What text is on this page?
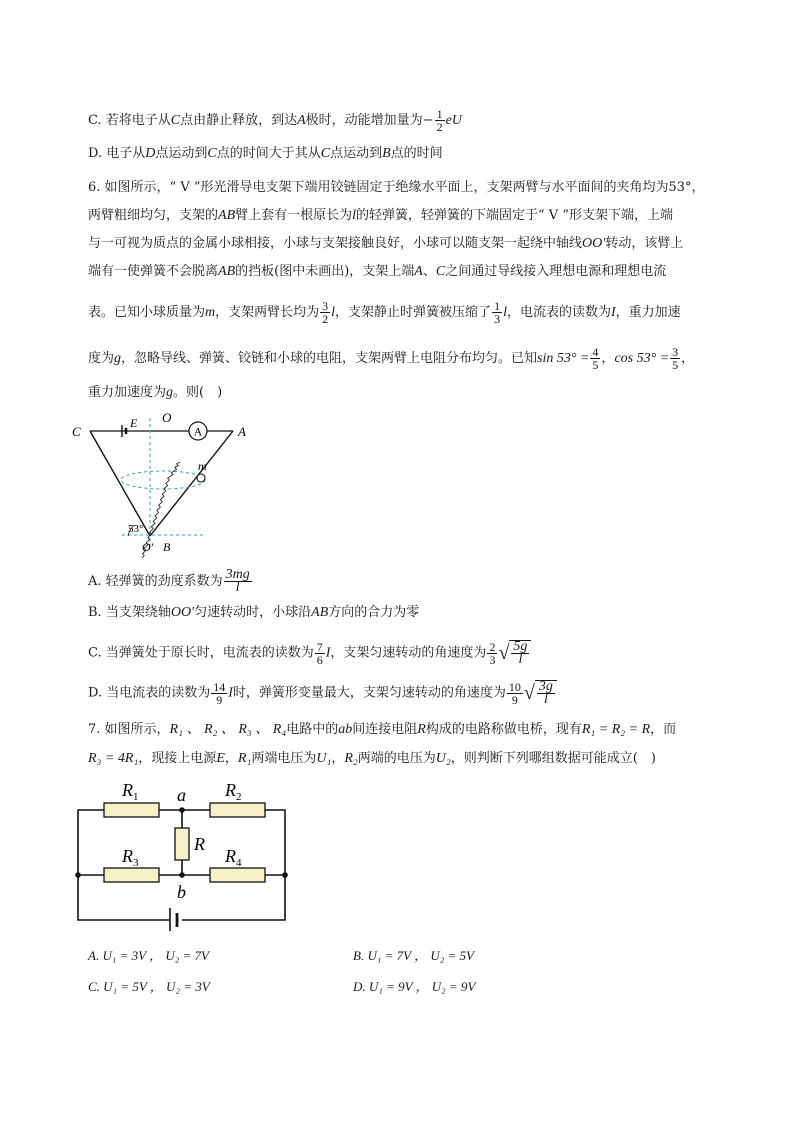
C. 若将电子从C点由静止释放，到达A极时，动能增加量为− $\frac{1}{2}$ eU
D. 电子从D点运动到C点的时间大于其从C点运动到B点的时间
6. 如图所示，“ V ”形光滑导电支架下端用铰链固定于绝缘水平面上，支架两臂与水平面间的夹角均为53°，
两臂粗细均匀，支架的AB臂上套有一根原长为l的轻弹簧，轻弹簧的下端固定于“ V ”形支架下端，上端
与一可视为质点的金属小球相接，小球与支架接触良好，小球可以随支架一起绕中轴线OO′转动，该臂上
端有一使弹簧不会脱离AB的挡板(图中未画出)，支架上端A、C之间通过导线接入理想电源和理想电流
表。已知小球质量为m，支架两臂长均为 $\frac{3}{2}$ l，支架静止时弹簧被压缩了 $\frac{1}{3}$ l，电流表的读数为I，重力加速
度为g，忽略导线、弹簧、铰链和小球的电阻，支架两臂上电阻分布均匀。已知$\sin 53^\circ = \frac{4}{5}$ ，$\cos 53^\circ = \frac{3}{5}$ ，
重力加速度为g。则(　)
A
C
E O
A
m
53°
O′ B
A. 轻弹簧的劲度系数为 $\frac{3mg}{l}$
B. 当支架绕轴OO′匀速转动时，小球沿AB方向的合力为零
C. 当弹簧处于原长时，电流表的读数为 $\frac{7}{6}$ I，支架匀速转动的角速度为 $\frac{2}{3}$ √ $\frac{5g}{l}$
D. 当电流表的读数为 $\frac{14}{9}$ I时，弹簧形变量最大，支架匀速转动的角速度为 $\frac{10}{9}$ √ $\frac{3g}{l}$
7. 如图所示，R₁ 、 R₂ 、 R₃ 、 R₄电路中的ab间连接电阻R构成的电路称做电桥，现有R₁ = R₂ = R，而
R₃ = 4R₁，现接上电源E，R₁两端电压为U₁，R₂两端的电压为U₂，则判断下列哪组数据可能成立(　)
$R_1$	$R_2$
$R_3$	$R_4$
R
a
b
A. U₁ = 3V ， U₂ = 7V	B. U₁ = 7V ， U₂ = 5V
C. U₁ = 5V ， U₂ = 3V	D. U₁ = 9V ， U₂ = 9V
